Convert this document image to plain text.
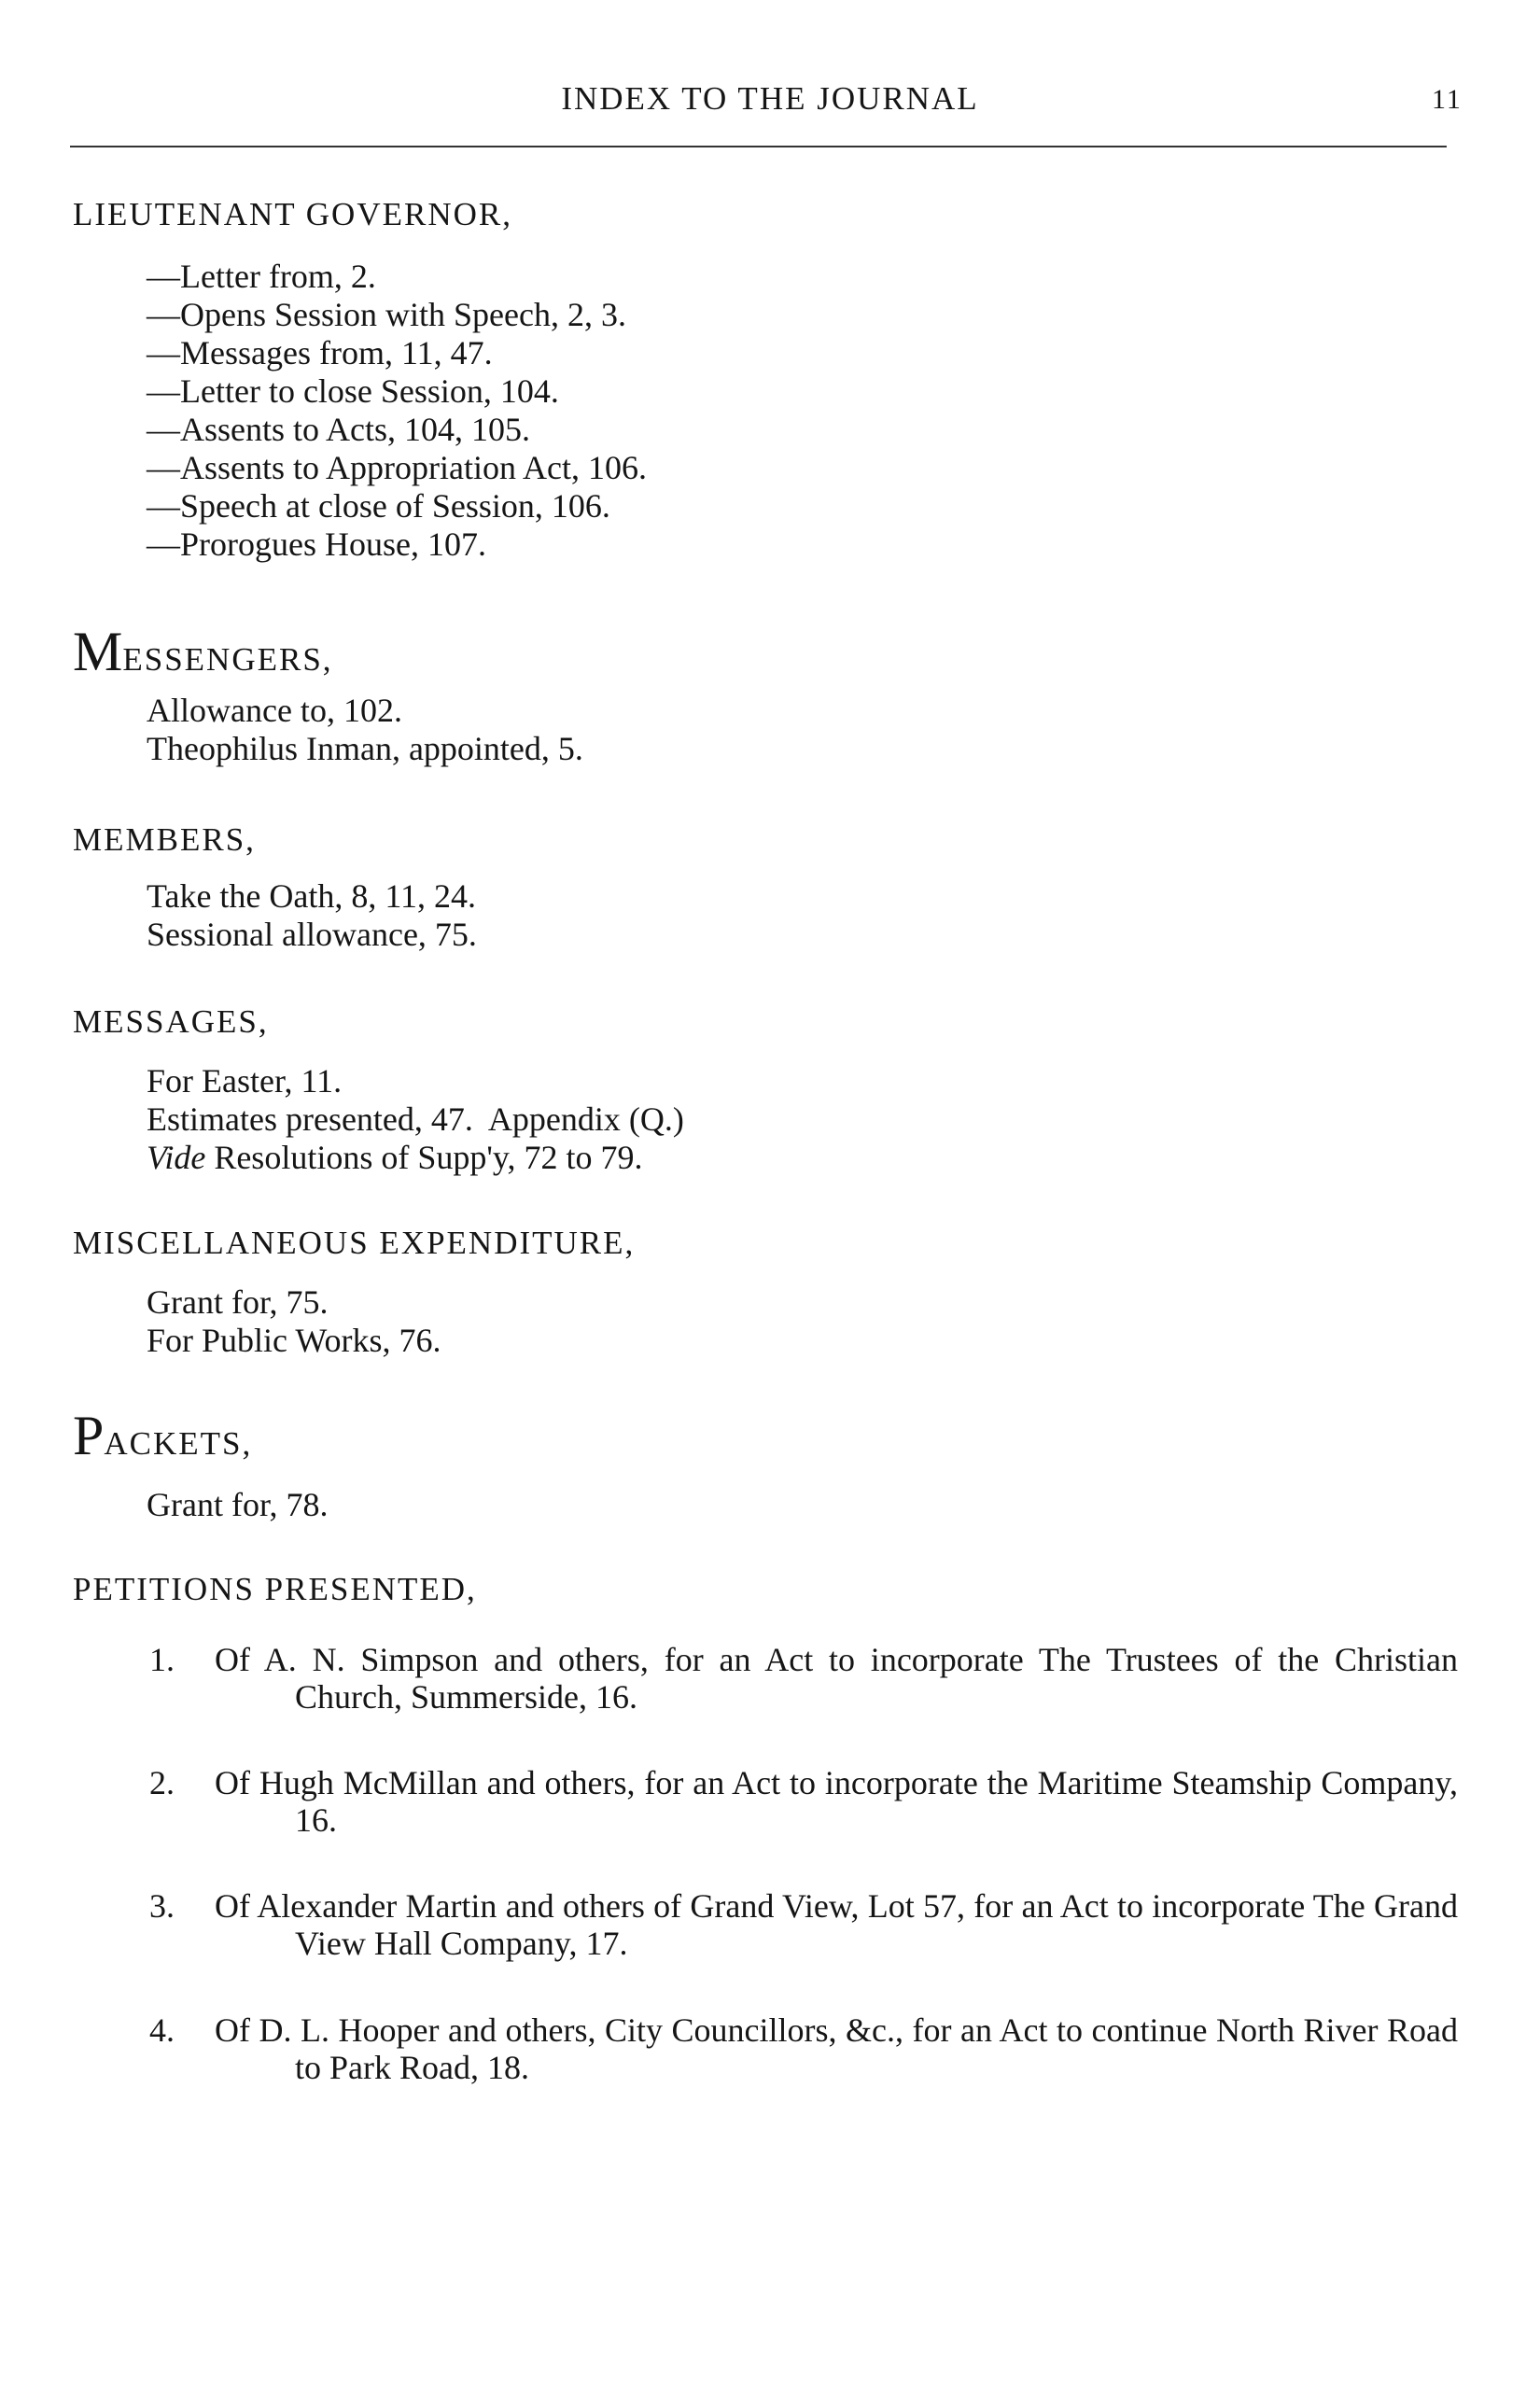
INDEX TO THE JOURNAL	11
LIEUTENANT GOVERNOR,
—Letter from, 2.
—Opens Session with Speech, 2, 3.
—Messages from, 11, 47.
—Letter to close Session, 104.
—Assents to Acts, 104, 105.
—Assents to Appropriation Act, 106.
—Speech at close of Session, 106.
—Prorogues House, 107.
MESSENGERS,
Allowance to, 102.
Theophilus Inman, appointed, 5.
MEMBERS,
Take the Oath, 8, 11, 24.
Sessional allowance, 75.
MESSAGES,
For Easter, 11.
Estimates presented, 47.  Appendix (Q.)
Vide Resolutions of Supp'y, 72 to 79.
MISCELLANEOUS EXPENDITURE,
Grant for, 75.
For Public Works, 76.
PACKETS,
Grant for, 78.
PETITIONS PRESENTED,
1. Of A. N. Simpson and others, for an Act to incorporate The Trustees of the Christian Church, Summerside, 16.
2. Of Hugh McMillan and others, for an Act to incorporate the Maritime Steamship Company, 16.
3. Of Alexander Martin and others of Grand View, Lot 57, for an Act to incorporate The Grand View Hall Company, 17.
4. Of D. L. Hooper and others, City Councillors, &c., for an Act to continue North River Road to Park Road, 18.
